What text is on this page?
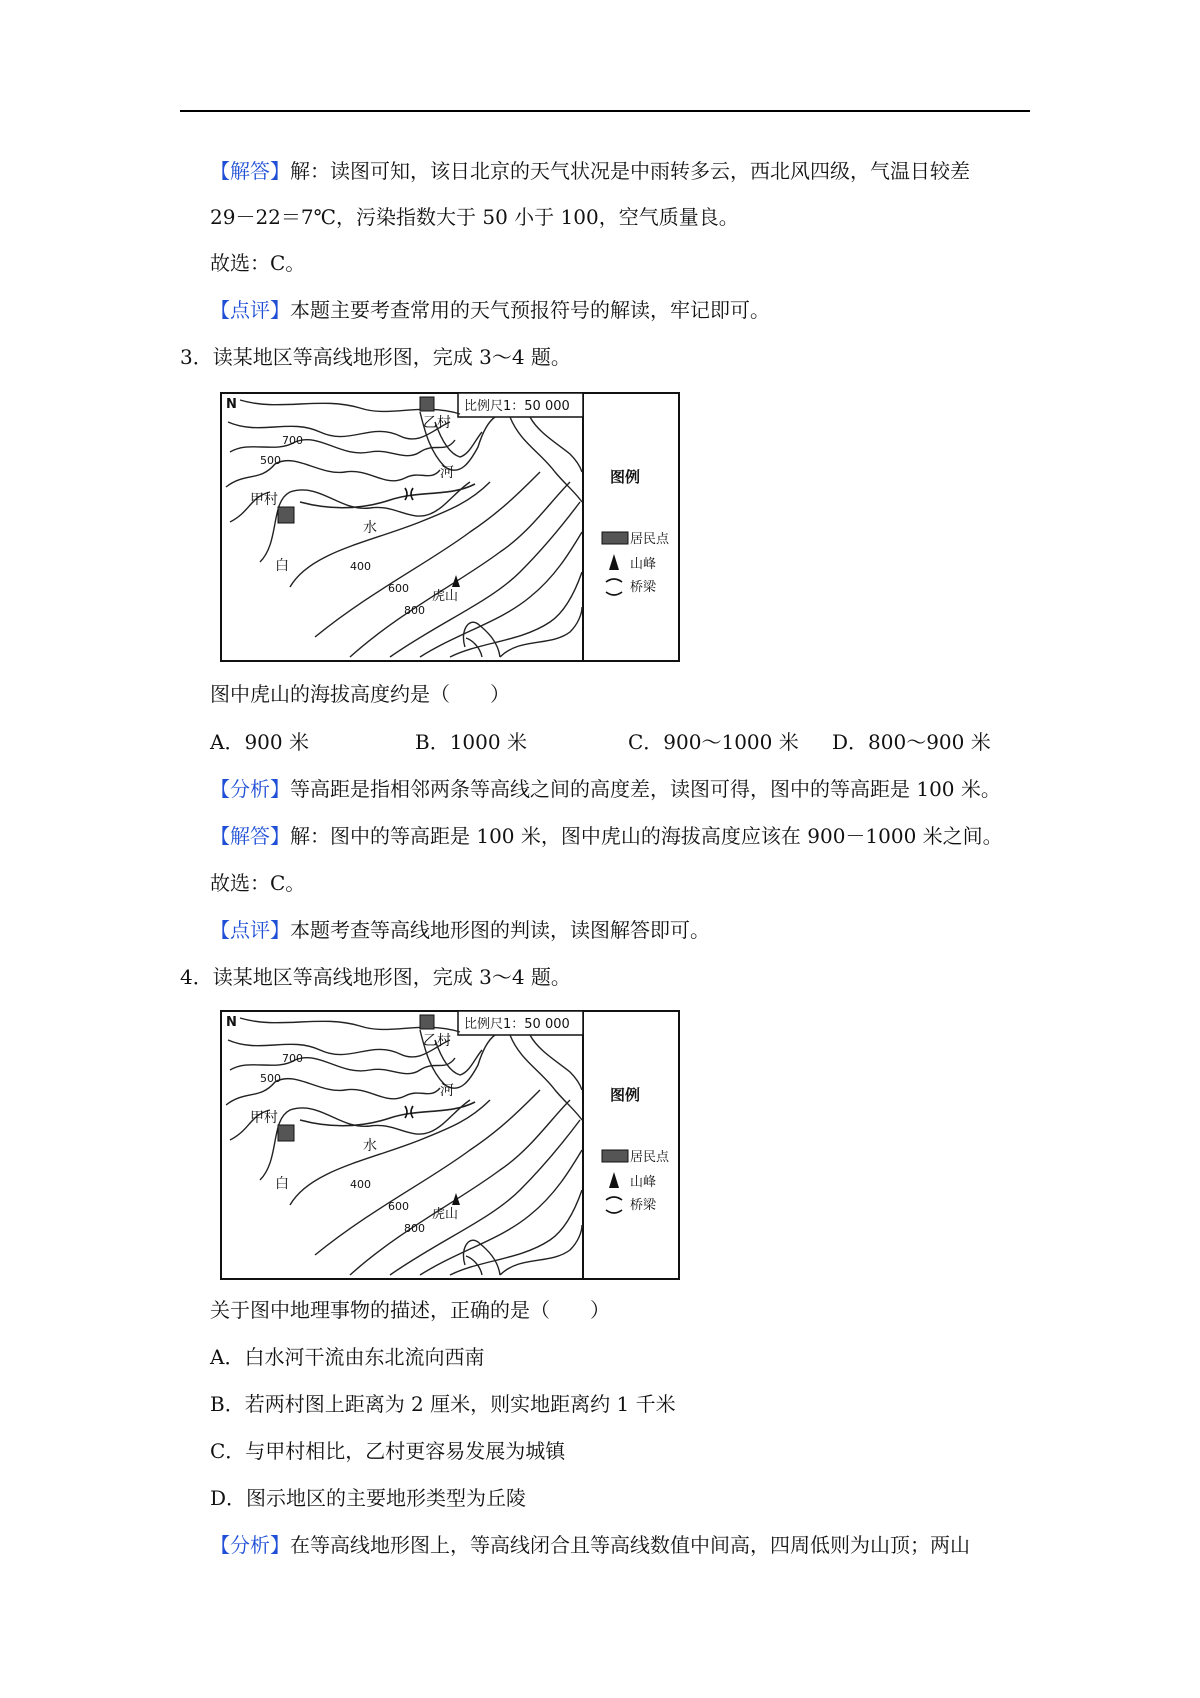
【解答】解：读图可知，该日北京的天气状况是中雨转多云，西北风四级，气温日较差
29－22＝7℃，污染指数大于 50 小于 100，空气质量良。
故选：C。
【点评】本题主要考查常用的天气预报符号的解读，牢记即可。
3．读某地区等高线地形图，完成 3～4 题。
N	比例尺1：50 000
图例
居民点
山峰
桥梁
甲村
乙村
白
水
河
虎山
700
500
400
600
800
图中虎山的海拔高度约是（　　）
A．900 米	B．1000 米	C．900～1000 米 D．800～900 米
【分析】等高距是指相邻两条等高线之间的高度差，读图可得，图中的等高距是 100 米。
【解答】解：图中的等高距是 100 米，图中虎山的海拔高度应该在 900－1000 米之间。
故选：C。
【点评】本题考查等高线地形图的判读，读图解答即可。
4．读某地区等高线地形图，完成 3～4 题。
N	比例尺1：50 000
图例
居民点
山峰
桥梁
甲村
乙村
白
水
河
虎山
700
500
400
600
800
关于图中地理事物的描述，正确的是（　　）
A．白水河干流由东北流向西南
B．若两村图上距离为 2 厘米，则实地距离约 1 千米
C．与甲村相比，乙村更容易发展为城镇
D．图示地区的主要地形类型为丘陵
【分析】在等高线地形图上，等高线闭合且等高线数值中间高，四周低则为山顶；两山
